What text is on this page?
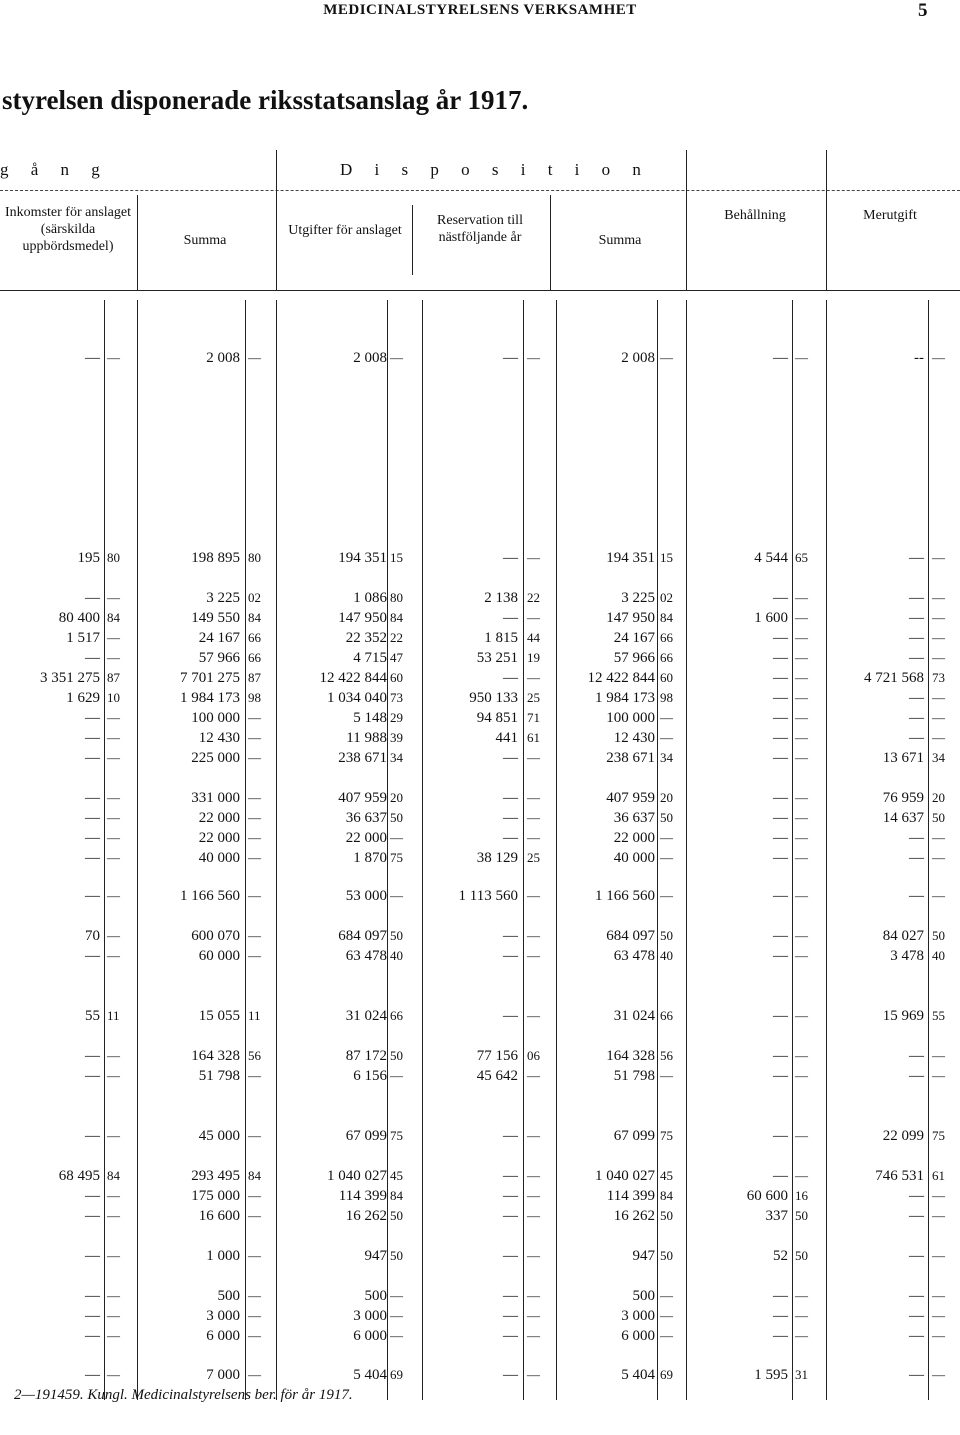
MEDICINALSTYRELSENS VERKSAMHET	5
styrelsen disponerade riksstatsanslag år 1917.
g å n g	D i s p o s i t i o n
Inkomster för anslaget (särskilda uppbördsmedel)	Summa
Utgifter för anslaget
Reservation till nästföljande år	Summa
Behållning	Merutgift
— —	2 008 —	2 008 —	— —	2 008 —	— —	-- —
195 80	198 895 80	194 351 15	— —	194 351 15	4 544 65	— —
— —	3 225 02	1 086 80	2 138 22	3 225 02	— —	— —
80 400 84	149 550 84	147 950 84	— —	147 950 84	1 600 —	— —
1 517 —	24 167 66	22 352 22	1 815 44	24 167 66	— —	— —
— —	57 966 66	4 715 47	53 251 19	57 966 66	— —	— —
3 351 275 87	7 701 275 87	12 422 844 60	— —	12 422 844 60	— —	4 721 568 73
1 629 10	1 984 173 98	1 034 040 73	950 133 25	1 984 173 98	— —	— —
— —	100 000 —	5 148 29	94 851 71	100 000 —	— —	— —
— —	12 430 —	11 988 39	441 61	12 430 —	— —	— —
— —	225 000 —	238 671 34	— —	238 671 34	— —	13 671 34
— —	331 000 —	407 959 20	— —	407 959 20	— —	76 959 20
— —	22 000 —	36 637 50	— —	36 637 50	— —	14 637 50
— —	22 000 —	22 000 —	— —	22 000 —	— —	— —
— —	40 000 —	1 870 75	38 129 25	40 000 —	— —	— —
— —	1 166 560 —	53 000 —	1 113 560 —	1 166 560 —	— —	— —
70 —	600 070 —	684 097 50	— —	684 097 50	— —	84 027 50
— —	60 000 —	63 478 40	— —	63 478 40	— —	3 478 40
55 11	15 055 11	31 024 66	— —	31 024 66	— —	15 969 55
— —	164 328 56	87 172 50	77 156 06	164 328 56	— —	— —
— —	51 798 —	6 156 —	45 642 —	51 798 —	— —	— —
— —	45 000 —	67 099 75	— —	67 099 75	— —	22 099 75
68 495 84	293 495 84	1 040 027 45	— —	1 040 027 45	— —	746 531 61
— —	175 000 —	114 399 84	— —	114 399 84	60 600 16	— —
— —	16 600 —	16 262 50	— —	16 262 50	337 50	— —
— —	1 000 —	947 50	— —	947 50	52 50	— —
— —	500 —	500 —	— —	500 —	— —	— —
— —	3 000 —	3 000 —	— —	3 000 —	— —	— —
— —	6 000 —	6 000 —	— —	6 000 —	— —	— —
— —	7 000 —	5 404 69	— —	5 404 69	1 595 31	— —
2—191459. Kungl. Medicinalstyrelsens ber. för år 1917.
